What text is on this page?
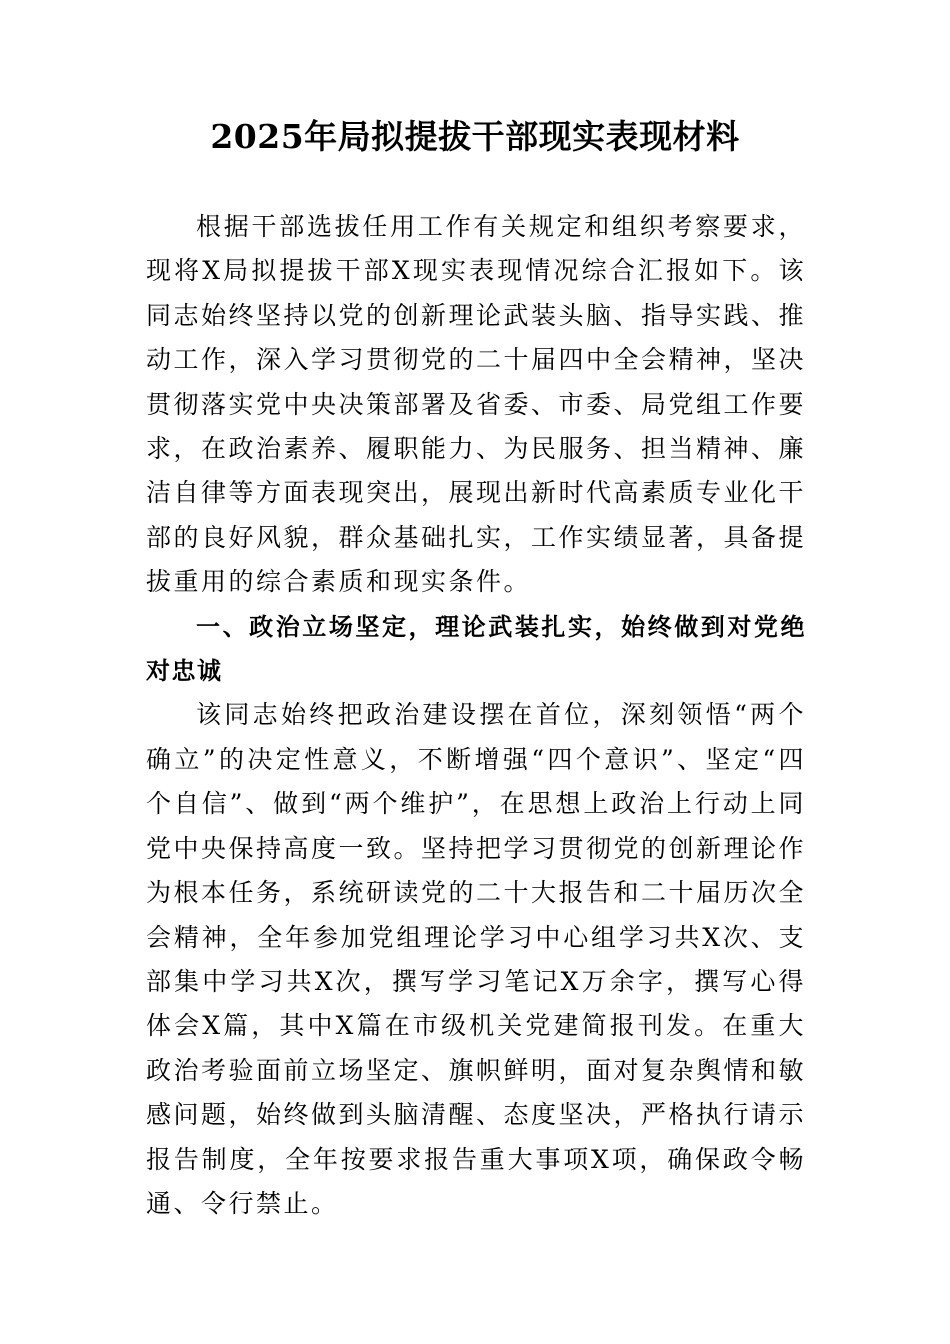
2025年局拟提拔干部现实表现材料

根据干部选拔任用工作有关规定和组织考察要求，现将X局拟提拔干部X现实表现情况综合汇报如下。该同志始终坚持以党的创新理论武装头脑、指导实践、推动工作，深入学习贯彻党的二十届四中全会精神，坚决贯彻落实党中央决策部署及省委、市委、局党组工作要求，在政治素养、履职能力、为民服务、担当精神、廉洁自律等方面表现突出，展现出新时代高素质专业化干部的良好风貌，群众基础扎实，工作实绩显著，具备提拔重用的综合素质和现实条件。

一、政治立场坚定，理论武装扎实，始终做到对党绝对忠诚

该同志始终把政治建设摆在首位，深刻领悟“两个确立”的决定性意义，不断增强“四个意识”、坚定“四个自信”、做到“两个维护”，在思想上政治上行动上同党中央保持高度一致。坚持把学习贯彻党的创新理论作为根本任务，系统研读党的二十大报告和二十届历次全会精神，全年参加党组理论学习中心组学习共X次、支部集中学习共X次，撰写学习笔记X万余字，撰写心得体会X篇，其中X篇在市级机关党建简报刊发。在重大政治考验面前立场坚定、旗帜鲜明，面对复杂舆情和敏感问题，始终做到头脑清醒、态度坚决，严格执行请示报告制度，全年按要求报告重大事项X项，确保政令畅通、令行禁止。
